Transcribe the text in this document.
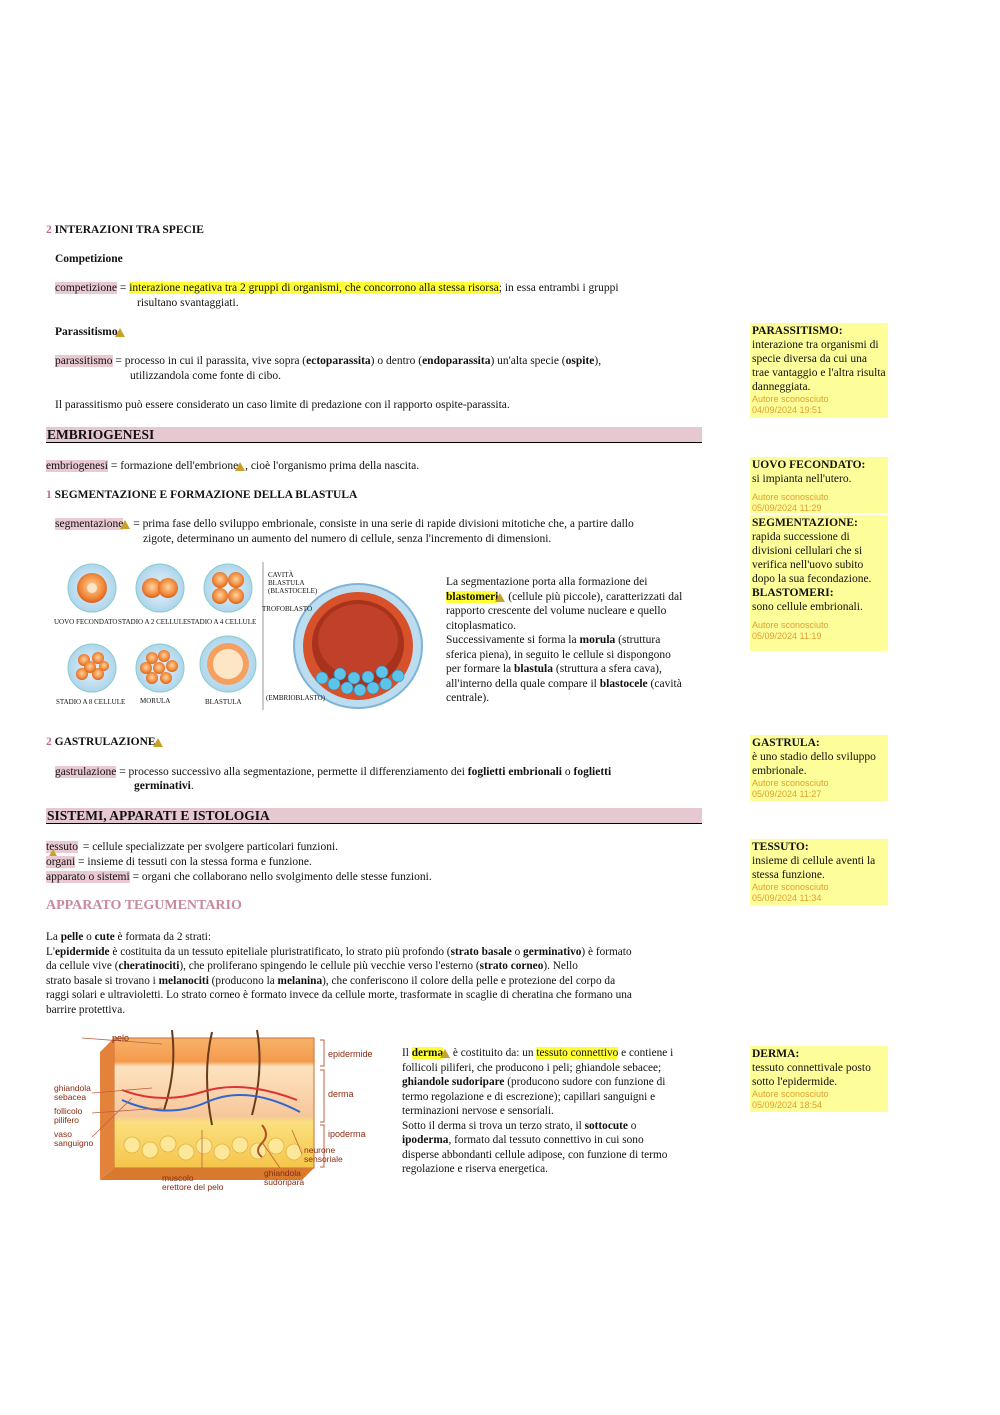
2 INTERAZIONI TRA SPECIE
Competizione
competizione = interazione negativa tra 2 gruppi di organismi, che concorrono alla stessa risorsa; in essa entrambi i gruppi
risultano svantaggiati.
Parassitismo
parassitismo = processo in cui il parassita, vive sopra (ectoparassita) o dentro (endoparassita) un'alta specie (ospite),
utilizzandola come fonte di cibo.
Il parassitismo può essere considerato un caso limite di predazione con il rapporto ospite-parassita.
EMBRIOGENESI
embriogenesi = formazione dell'embrione , cioè l'organismo prima della nascita.
1 SEGMENTAZIONE E FORMAZIONE DELLA BLASTULA
segmentazione = prima fase dello sviluppo embrionale, consiste in una serie di rapide divisioni mitotiche che, a partire dallo
zigote, determinano un aumento del numero di cellule, senza l'incremento di dimensioni.
UOVO FECONDATO STADIO A 2 CELLULE STADIO A 4 CELLULE
STADIO A 8 CELLULE MORULA	BLASTULA
CAVITÀ
BLASTULA
(BLASTOCELE)
TROFOBLASTO
(EMBRIOBLASTO)
La segmentazione porta alla formazione dei
blastomeri (cellule più piccole), caratterizzati dal
rapporto crescente del volume nucleare e quello
citoplasmatico.
Successivamente si forma la morula (struttura
sferica piena), in seguito le cellule si dispongono
per formare la blastula (struttura a sfera cava),
all'interno della quale compare il blastocele (cavità
centrale).
2 GASTRULAZIONE
gastrulazione = processo successivo alla segmentazione, permette il differenziamento dei foglietti embrionali o foglietti
germinativi.
SISTEMI, APPARATI E ISTOLOGIA
tessuto = cellule specializzate per svolgere particolari funzioni.
organi = insieme di tessuti con la stessa forma e funzione.
apparato o sistemi = organi che collaborano nello svolgimento delle stesse funzioni.
APPARATO TEGUMENTARIO
La pelle o cute è formata da 2 strati:
L'epidermide è costituita da un tessuto epiteliale pluristratificato, lo strato più profondo (strato basale o germinativo) è formato
da cellule vive (cheratinociti), che proliferano spingendo le cellule più vecchie verso l'esterno (strato corneo). Nello
strato basale si trovano i melanociti (producono la melanina), che conferiscono il colore della pelle e protezione del corpo da
raggi solari e ultravioletti. Lo strato corneo è formato invece da cellule morte, trasformate in scaglie di cheratina che formano una
barrire protettiva.
pelo
ghiandola
sebacea
follicolo
pilifero
vaso
sanguigno
muscolo
erettore del pelo
ghiandola
sudoripara
neurone
sensoriale
epidermide
derma
ipoderma
Il derma è costituito da: un tessuto connettivo e contiene i
follicoli piliferi, che producono i peli; ghiandole sebacee;
ghiandole sudoripare (producono sudore con funzione di
termo regolazione e di escrezione); capillari sanguigni e
terminazioni nervose e sensoriali.
Sotto il derma si trova un terzo strato, il sottocute o
ipoderma, formato dal tessuto connettivo in cui sono
disperse abbondanti cellule adipose, con funzione di termo
regolazione e riserva energetica.
PARASSITISMO:
interazione tra organismi di specie diversa da cui una trae vantaggio e l'altra risulta danneggiata.
Autore sconosciuto
04/09/2024 19:51
UOVO FECONDATO:
si impianta nell'utero.
Autore sconosciuto
05/09/2024 11:29
SEGMENTAZIONE:
rapida successione di divisioni cellulari che si verifica nell'uovo subito dopo la sua fecondazione.
BLASTOMERI:
sono cellule embrionali.
Autore sconosciuto
05/09/2024 11:19
GASTRULA:
è uno stadio dello sviluppo embrionale.
Autore sconosciuto
05/09/2024 11:27
TESSUTO:
insieme di cellule aventi la stessa funzione.
Autore sconosciuto
05/09/2024 11:34
DERMA:
tessuto connettivale posto sotto l'epidermide.
Autore sconosciuto
05/09/2024 18:54
